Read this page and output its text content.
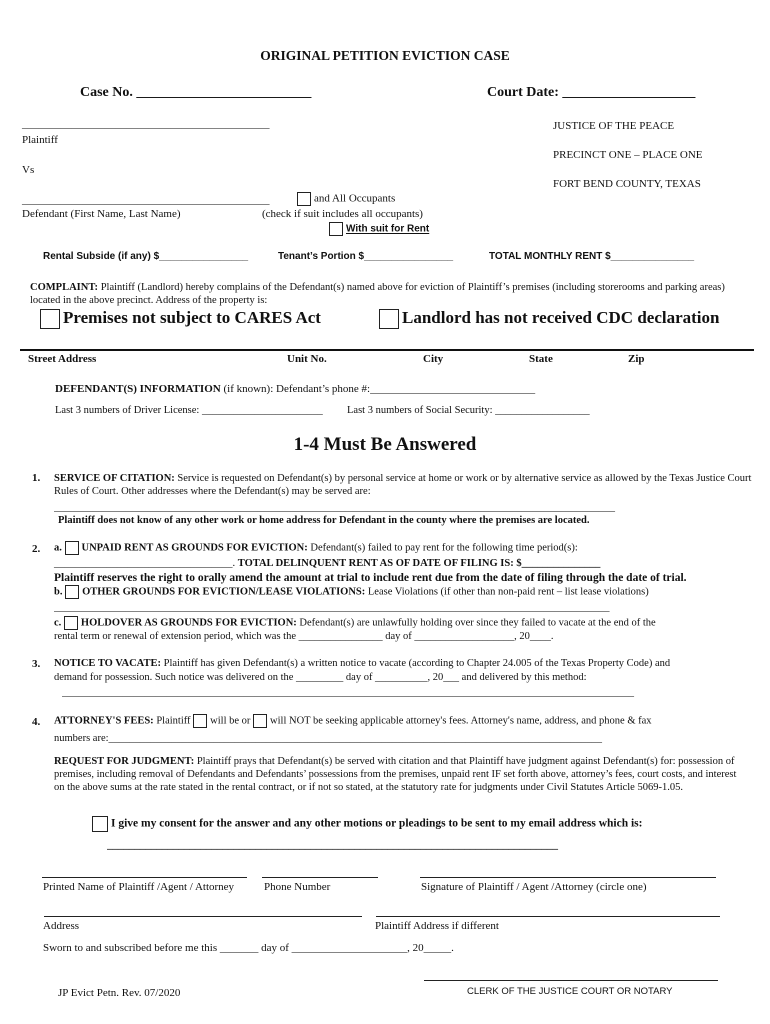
ORIGINAL PETITION EVICTION CASE
Case No. _________________________	Court Date: ___________________
_____________________________________________
Plaintiff
Vs
JUSTICE OF THE PEACE
PRECINCT ONE – PLACE ONE
FORT BEND COUNTY, TEXAS
_____________________________________________	and All Occupants
Defendant (First Name, Last Name)	(check if suit includes all occupants)
With suit for Rent
Rental Subside (if any) $________________	Tenant’s Portion $________________	TOTAL MONTHLY RENT $_______________
COMPLAINT: Plaintiff (Landlord) hereby complains of the Defendant(s) named above for eviction of Plaintiff’s premises (including storerooms and parking areas) located in the above precinct. Address of the property is:
Premises not subject to CARES Act	Landlord has not received CDC declaration
Street Address	Unit No.	City	State	Zip
DEFENDANT(S) INFORMATION (if known): Defendant’s phone #:______________________________
Last 3 numbers of Driver License: _______________________ Last 3 numbers of Social Security: __________________
1-4 Must Be Answered
1. SERVICE OF CITATION: Service is requested on Defendant(s) by personal service at home or work or by alternative service as allowed by the Texas Justice Court Rules of Court. Other addresses where the Defendant(s) may be served are:
______________________________________________________________________________________________________
Plaintiff does not know of any other work or home address for Defendant in the county where the premises are located.
2. a. UNPAID RENT AS GROUNDS FOR EVICTION: Defendant(s) failed to pay rent for the following time period(s):
__________________________________. TOTAL DELINQUENT RENT AS OF DATE OF FILING IS: $_______________
Plaintiff reserves the right to orally amend the amount at trial to include rent due from the date of filing through the date of trial.
b. OTHER GROUNDS FOR EVICTION/LEASE VIOLATIONS: Lease Violations (if other than non-paid rent – list lease violations)
_____________________________________________________________________________________________________
c. HOLDOVER AS GROUNDS FOR EVICTION: Defendant(s) are unlawfully holding over since they failed to vacate at the end of the
rental term or renewal of extension period, which was the ________________ day of ___________________, 20____.
3. NOTICE TO VACATE: Plaintiff has given Defendant(s) a written notice to vacate (according to Chapter 24.005 of the Texas Property Code) and
demand for possession. Such notice was delivered on the _________ day of __________, 20___ and delivered by this method:
________________________________________________________________________________________________________
4. ATTORNEY'S FEES: Plaintiff will be or will NOT be seeking applicable attorney's fees. Attorney's name, address, and phone & fax
numbers are:______________________________________________________________________________________________
REQUEST FOR JUDGMENT: Plaintiff prays that Defendant(s) be served with citation and that Plaintiff have judgment against Defendant(s) for: possession of premises, including removal of Defendants and Defendants’ possessions from the premises, unpaid rent IF set forth above, attorney’s fees, court costs, and interest on the above sums at the rate stated in the rental contract, or if not so stated, at the statutory rate for judgments under Civil Statutes Article 5069-1.05.
I give my consent for the answer and any other motions or pleadings to be sent to my email address which is:
__________________________________________________________________________________
Printed Name of Plaintiff /Agent / Attorney	Phone Number	Signature of Plaintiff / Agent /Attorney (circle one)
Address	Plaintiff Address if different
Sworn to and subscribed before me this _______ day of _____________________, 20_____.
JP Evict Petn. Rev. 07/2020	CLERK OF THE JUSTICE COURT OR NOTARY
